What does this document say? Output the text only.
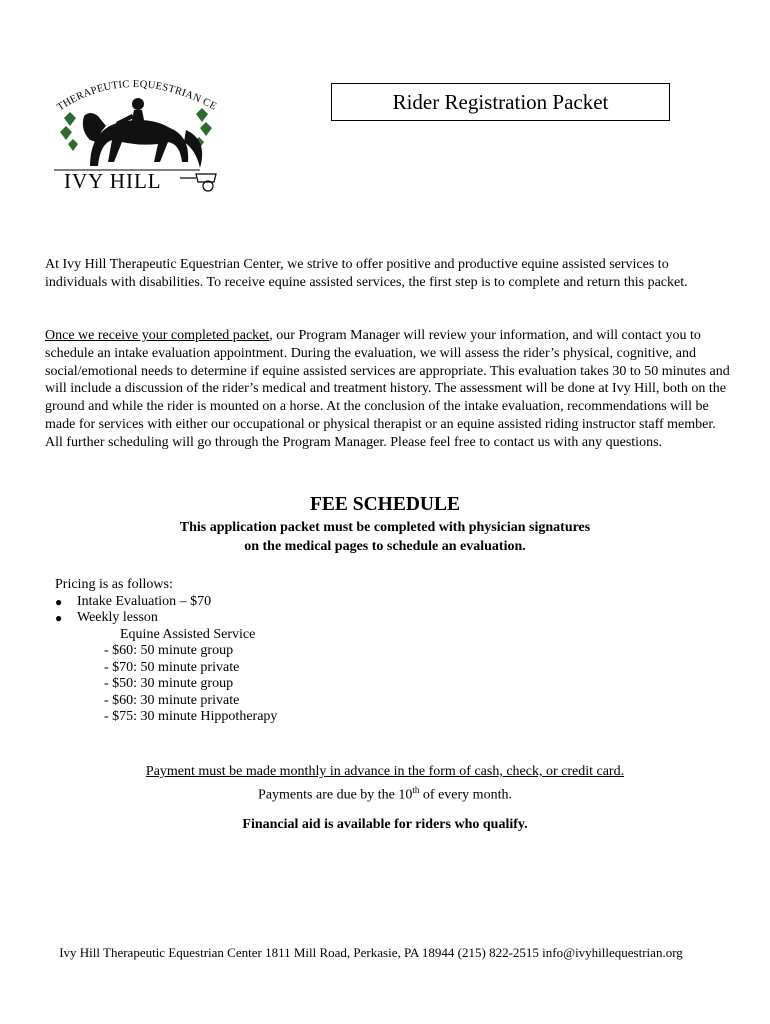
THERAPEUTIC EQUESTRIAN CE
IVY HILL
Rider Registration Packet
At Ivy Hill Therapeutic Equestrian Center, we strive to offer positive and productive equine assisted services to individuals with disabilities. To receive equine assisted services, the first step is to complete and return this packet.
Once we receive your completed packet, our Program Manager will review your information, and will contact you to schedule an intake evaluation appointment. During the evaluation, we will assess the rider’s physical, cognitive, and social/emotional needs to determine if equine assisted services are appropriate. This evaluation takes 30 to 50 minutes and will include a discussion of the rider’s medical and treatment history. The assessment will be done at Ivy Hill, both on the ground and while the rider is mounted on a horse. At the conclusion of the intake evaluation, recommendations will be made for services with either our occupational or physical therapist or an equine assisted riding instructor staff member. All further scheduling will go through the Program Manager. Please feel free to contact us with any questions.
FEE SCHEDULE
This application packet must be completed with physician signatures
on the medical pages to schedule an evaluation.
Pricing is as follows:
●	Intake Evaluation – $70
●	Weekly lesson
Equine Assisted Service
- $60: 50 minute group
- $70: 50 minute private
- $50: 30 minute group
- $60: 30 minute private
- $75: 30 minute Hippotherapy
Payment must be made monthly in advance in the form of cash, check, or credit card.
Payments are due by the 10th of every month.
Financial aid is available for riders who qualify.
Ivy Hill Therapeutic Equestrian Center 1811 Mill Road, Perkasie, PA 18944 (215) 822-2515 info@ivyhillequestrian.org
